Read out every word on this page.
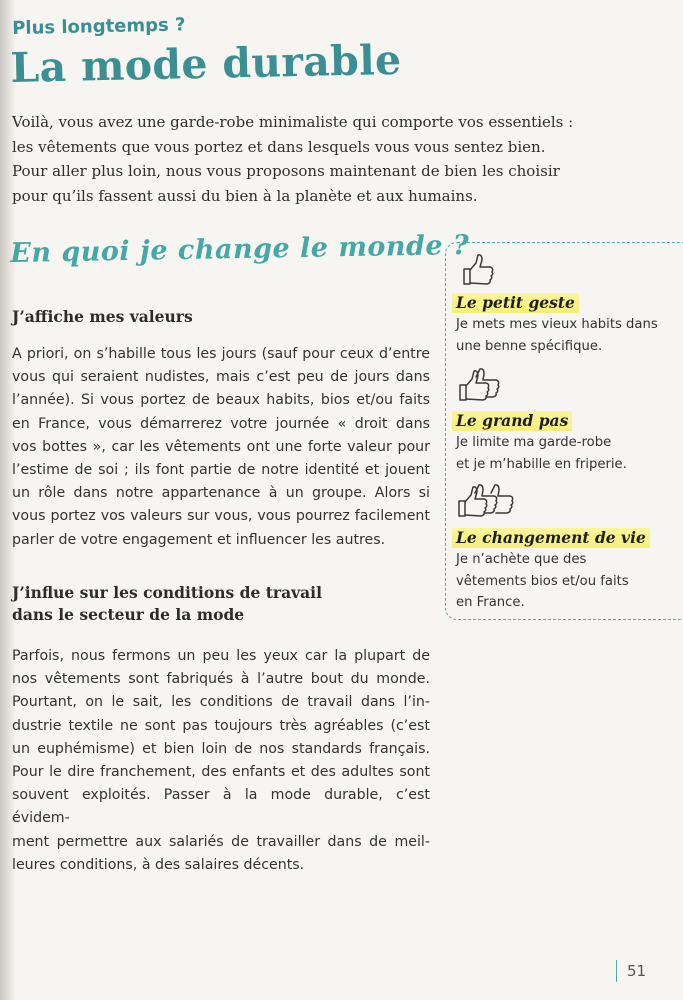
Plus longtemps ?

La mode durable

Voilà, vous avez une garde-robe minimaliste qui comporte vos essentiels :
les vêtements que vous portez et dans lesquels vous vous sentez bien.
Pour aller plus loin, nous vous proposons maintenant de bien les choisir
pour qu’ils fassent aussi du bien à la planète et aux humains.

En quoi je change le monde ?
J’affiche mes valeurs

A priori, on s’habille tous les jours (sauf pour ceux d’entre
vous qui seraient nudistes, mais c’est peu de jours dans
l’année). Si vous portez de beaux habits, bios et/ou faits
en France, vous démarrerez votre journée « droit dans
vos bottes », car les vêtements ont une forte valeur pour
l’estime de soi ; ils font partie de notre identité et jouent
un rôle dans notre appartenance à un groupe. Alors si
vous portez vos valeurs sur vous, vous pourrez facilement
parler de votre engagement et influencer les autres.

J’influe sur les conditions de travail
dans le secteur de la mode

Parfois, nous fermons un peu les yeux car la plupart de
nos vêtements sont fabriqués à l’autre bout du monde.
Pourtant, on le sait, les conditions de travail dans l’in-
dustrie textile ne sont pas toujours très agréables (c’est
un euphémisme) et bien loin de nos standards français.
Pour le dire franchement, des enfants et des adultes sont
souvent exploités. Passer à la mode durable, c’est évidem-
ment permettre aux salariés de travailler dans de meil-
leures conditions, à des salaires décents.

Le petit geste

Je mets mes vieux habits dans
une benne spécifique.

Le grand pas

Je limite ma garde-robe
et je m’habille en friperie.

Le changement de vie

Je n’achète que des
vêtements bios et/ou faits
en France.

51
